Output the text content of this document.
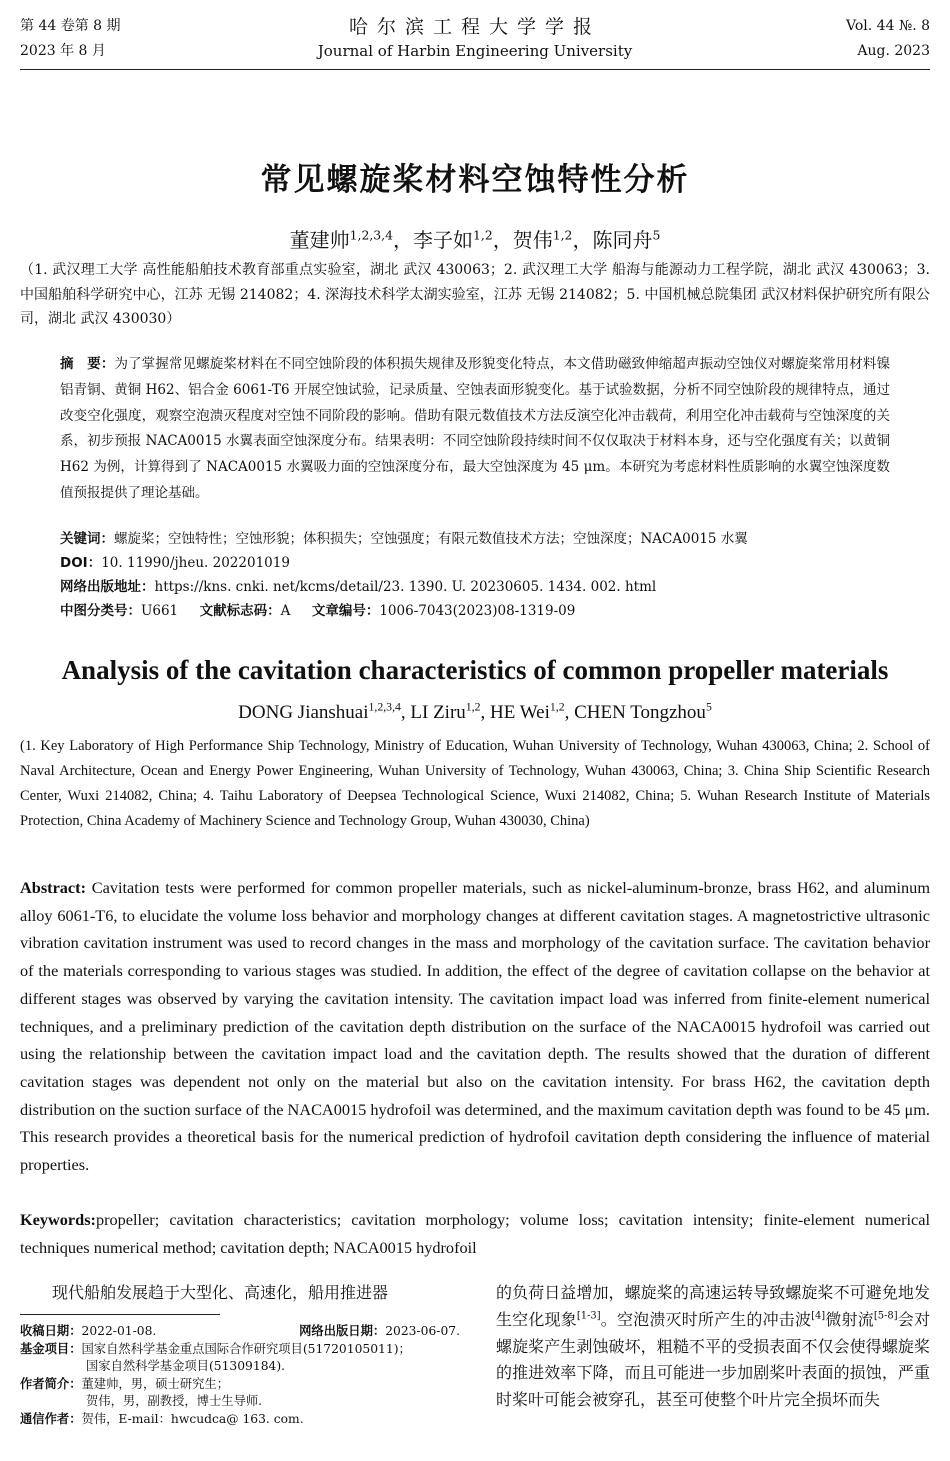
第 44 卷第 8 期
2023 年 8 月
哈尔滨工程大学学报
Journal of Harbin Engineering University
Vol. 44 №. 8
Aug. 2023
常见螺旋桨材料空蚀特性分析
董建帅$^{1,2,3,4}$，李子如$^{1,2}$，贺伟$^{1,2}$，陈同舟$^5$
（1. 武汉理工大学 高性能船舶技术教育部重点实验室，湖北 武汉 430063；2. 武汉理工大学 船海与能源动力工程学院，湖北 武汉 430063；3. 中国船舶科学研究中心，江苏 无锡 214082；4. 深海技术科学太湖实验室，江苏 无锡 214082；5. 中国机械总院集团 武汉材料保护研究所有限公司，湖北 武汉 430030）
摘　要：为了掌握常见螺旋桨材料在不同空蚀阶段的体积损失规律及形貌变化特点，本文借助磁致伸缩超声振动空蚀仪对螺旋桨常用材料镍铝青铜、黄铜 H62、铝合金 6061-T6 开展空蚀试验，记录质量、空蚀表面形貌变化。基于试验数据，分析不同空蚀阶段的规律特点，通过改变空化强度，观察空泡溃灭程度对空蚀不同阶段的影响。借助有限元数值技术方法反演空化冲击载荷，利用空化冲击载荷与空蚀深度的关系，初步预报 NACA0015 水翼表面空蚀深度分布。结果表明：不同空蚀阶段持续时间不仅仅取决于材料本身，还与空化强度有关；以黄铜 H62 为例，计算得到了 NACA0015 水翼吸力面的空蚀深度分布，最大空蚀深度为 45 μm。本研究为考虑材料性质影响的水翼空蚀深度数值预报提供了理论基础。
关键词：螺旋桨；空蚀特性；空蚀形貌；体积损失；空蚀强度；有限元数值技术方法；空蚀深度；NACA0015 水翼
DOI：10. 11990/jheu. 202201019
网络出版地址：https://kns. cnki. net/kcms/detail/23. 1390. U. 20230605. 1434. 002. html
中图分类号：U661 文献标志码：A 文章编号：1006-7043(2023)08-1319-09
Analysis of the cavitation characteristics of common propeller materials
DONG Jianshuai$^{1,2,3,4}$, LI Ziru$^{1,2}$, HE Wei$^{1,2}$, CHEN Tongzhou$^5$
(1. Key Laboratory of High Performance Ship Technology, Ministry of Education, Wuhan University of Technology, Wuhan 430063, China; 2. School of Naval Architecture, Ocean and Energy Power Engineering, Wuhan University of Technology, Wuhan 430063, China; 3. China Ship Scientific Research Center, Wuxi 214082, China; 4. Taihu Laboratory of Deepsea Technological Science, Wuxi 214082, China; 5. Wuhan Research Institute of Materials Protection, China Academy of Machinery Science and Technology Group, Wuhan 430030, China)
Abstract: Cavitation tests were performed for common propeller materials, such as nickel-aluminum-bronze, brass H62, and aluminum alloy 6061-T6, to elucidate the volume loss behavior and morphology changes at different cavitation stages. A magnetostrictive ultrasonic vibration cavitation instrument was used to record changes in the mass and morphology of the cavitation surface. The cavitation behavior of the materials corresponding to various stages was studied. In addition, the effect of the degree of cavitation collapse on the behavior at different stages was observed by varying the cavitation intensity. The cavitation impact load was inferred from finite-element numerical techniques, and a preliminary prediction of the cavitation depth distribution on the surface of the NACA0015 hydrofoil was carried out using the relationship between the cavitation impact load and the cavitation depth. The results showed that the duration of different cavitation stages was dependent not only on the material but also on the cavitation intensity. For brass H62, the cavitation depth distribution on the suction surface of the NACA0015 hydrofoil was determined, and the maximum cavitation depth was found to be 45 μm. This research provides a theoretical basis for the numerical prediction of hydrofoil cavitation depth considering the influence of material properties.
Keywords:propeller; cavitation characteristics; cavitation morphology; volume loss; cavitation intensity; finite-element numerical techniques numerical method; cavitation depth; NACA0015 hydrofoil

现代船舶发展趋于大型化、高速化，船用推进器

收稿日期：2022-01-08.	网络出版日期：2023-06-07.
基金项目：国家自然科学基金重点国际合作研究项目(51720105011)；
国家自然科学基金项目(51309184).
作者简介：董建帅，男，硕士研究生；
贺伟，男，副教授，博士生导师.
通信作者：贺伟，E-mail：hwcudca@ 163. com.
的负荷日益增加，螺旋桨的高速运转导致螺旋桨不可避免地发生空化现象[1-3]。空泡溃灭时所产生的冲击波[4]微射流[5-8]会对螺旋桨产生剥蚀破坏，粗糙不平的受损表面不仅会使得螺旋桨的推进效率下降，而且可能进一步加剧桨叶表面的损蚀，严重时桨叶可能会被穿孔，甚至可使整个叶片完全损坏而失
